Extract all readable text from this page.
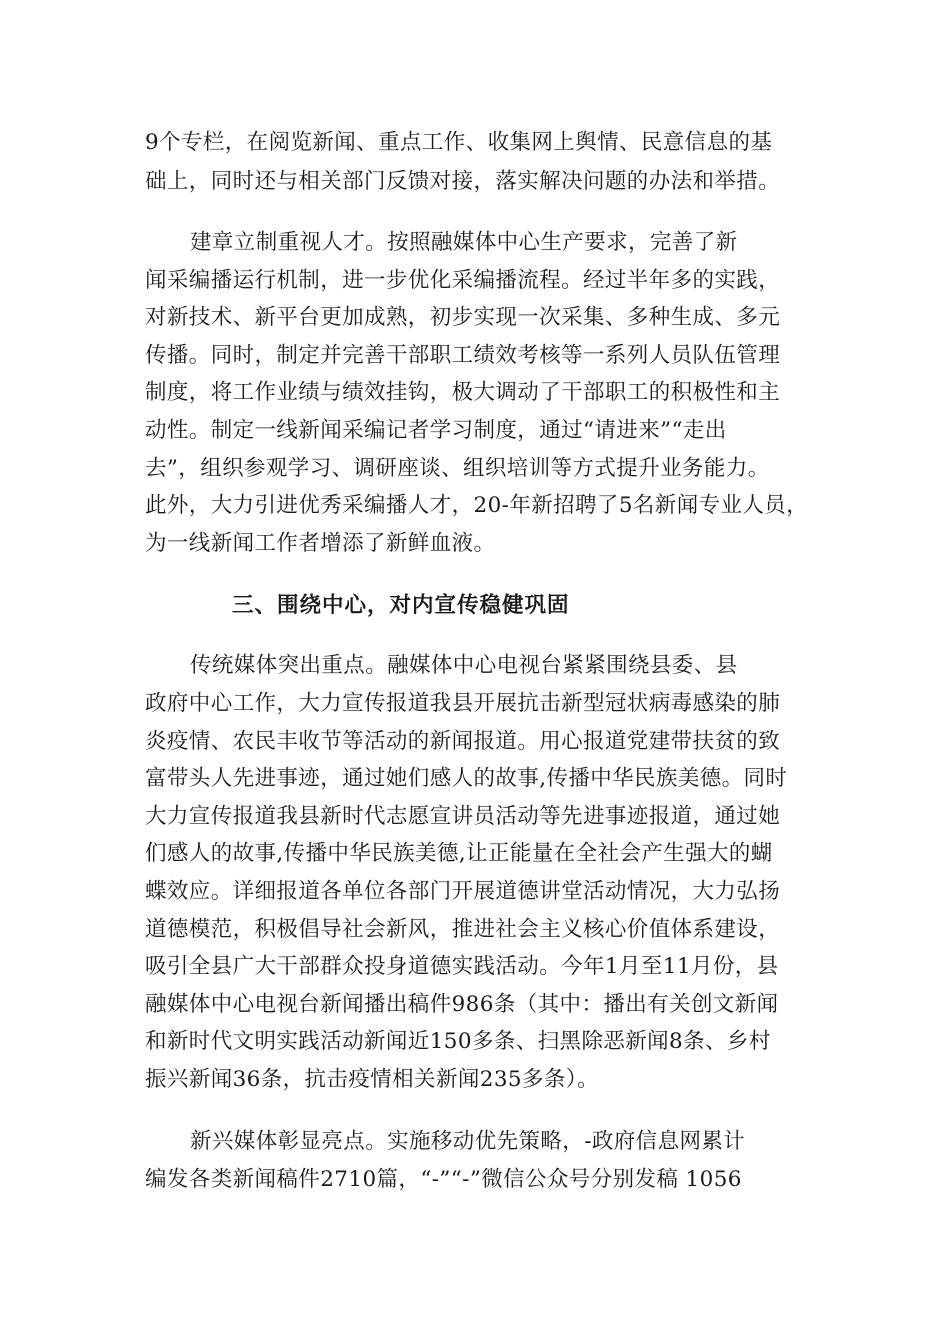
9个专栏，在阅览新闻、重点工作、收集网上舆情、民意信息的基
础上，同时还与相关部门反馈对接，落实解决问题的办法和举措。
建章立制重视人才。按照融媒体中心生产要求，完善了新
闻采编播运行机制，进一步优化采编播流程。经过半年多的实践，
对新技术、新平台更加成熟，初步实现一次采集、多种生成、多元
传播。同时，制定并完善干部职工绩效考核等一系列人员队伍管理
制度，将工作业绩与绩效挂钩，极大调动了干部职工的积极性和主
动性。制定一线新闻采编记者学习制度，通过“请进来”“走出
去”，组织参观学习、调研座谈、组织培训等方式提升业务能力。
此外，大力引进优秀采编播人才，20-年新招聘了5名新闻专业人员，
为一线新闻工作者增添了新鲜血液。
三、围绕中心，对内宣传稳健巩固
传统媒体突出重点。融媒体中心电视台紧紧围绕县委、县
政府中心工作，大力宣传报道我县开展抗击新型冠状病毒感染的肺
炎疫情、农民丰收节等活动的新闻报道。用心报道党建带扶贫的致
富带头人先进事迹，通过她们感人的故事,传播中华民族美德。同时
大力宣传报道我县新时代志愿宣讲员活动等先进事迹报道，通过她
们感人的故事,传播中华民族美德,让正能量在全社会产生强大的蝴
蝶效应。详细报道各单位各部门开展道德讲堂活动情况，大力弘扬
道德模范，积极倡导社会新风，推进社会主义核心价值体系建设，
吸引全县广大干部群众投身道德实践活动。今年1月至11月份，县
融媒体中心电视台新闻播出稿件986条（其中：播出有关创文新闻
和新时代文明实践活动新闻近150多条、扫黑除恶新闻8条、乡村
振兴新闻36条，抗击疫情相关新闻235多条）。
新兴媒体彰显亮点。实施移动优先策略，-政府信息网累计
编发各类新闻稿件2710篇，“-”“-”微信公众号分别发稿 1056
